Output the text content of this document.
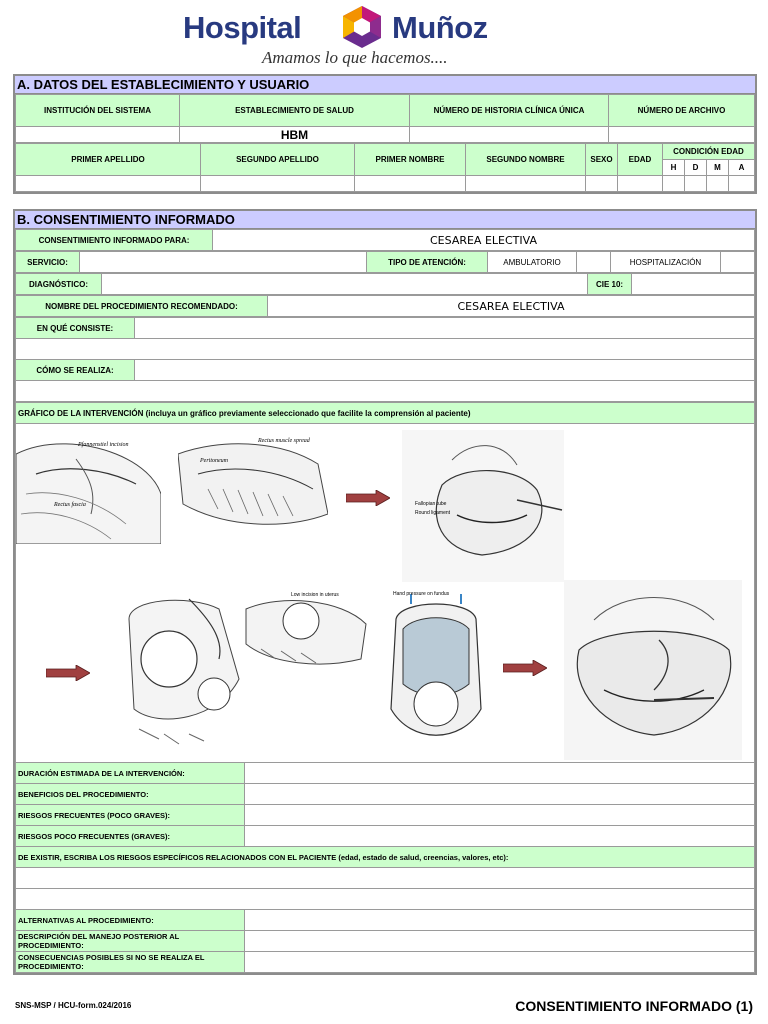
Hospital	Muñoz
Amamos lo que hacemos....
A. DATOS DEL ESTABLECIMIENTO Y USUARIO
INSTITUCIÓN DEL SISTEMA	ESTABLECIMIENTO DE SALUD	NÚMERO DE HISTORIA CLÍNICA ÚNICA	NÚMERO DE ARCHIVO
	HBM		
PRIMER APELLIDO	SEGUNDO APELLIDO	PRIMER NOMBRE	SEGUNDO NOMBRE	SEXO	EDAD	CONDICIÓN EDAD			
						H	D	M	A

B. CONSENTIMIENTO INFORMADO
CONSENTIMIENTO INFORMADO PARA:	CESAREA ELECTIVA
SERVICIO:		TIPO DE ATENCIÓN:	AMBULATORIO		HOSPITALIZACIÓN	
DIAGNÓSTICO:		CIE 10:	
NOMBRE DEL PROCEDIMIENTO RECOMENDADO:	CESAREA ELECTIVA
EN QUÉ CONSISTE:	

CÓMO SE REALIZA:	

GRÁFICO DE LA INTERVENCIÓN (incluya un gráfico previamente seleccionado que facilite la comprensión al paciente)
Pfannenstiel incision
Rectus fascia
Rectus muscle spread
Peritoneum
Fallopian tube
Round ligament
Low incision in uterus	Hand pressure on fundus
DURACIÓN ESTIMADA DE LA INTERVENCIÓN:	
BENEFICIOS DEL PROCEDIMIENTO:	
RIESGOS FRECUENTES (POCO GRAVES):	
RIESGOS POCO FRECUENTES (GRAVES):	
DE EXISTIR, ESCRIBA LOS RIESGOS ESPECÍFICOS RELACIONADOS CON EL PACIENTE (edad, estado de salud, creencias, valores, etc):	

ALTERNATIVAS AL PROCEDIMIENTO:	
DESCRIPCIÓN DEL MANEJO POSTERIOR AL PROCEDIMIENTO:	
CONSECUENCIAS POSIBLES SI NO SE REALIZA EL PROCEDIMIENTO:	
SNS-MSP / HCU-form.024/2016	CONSENTIMIENTO INFORMADO (1)
